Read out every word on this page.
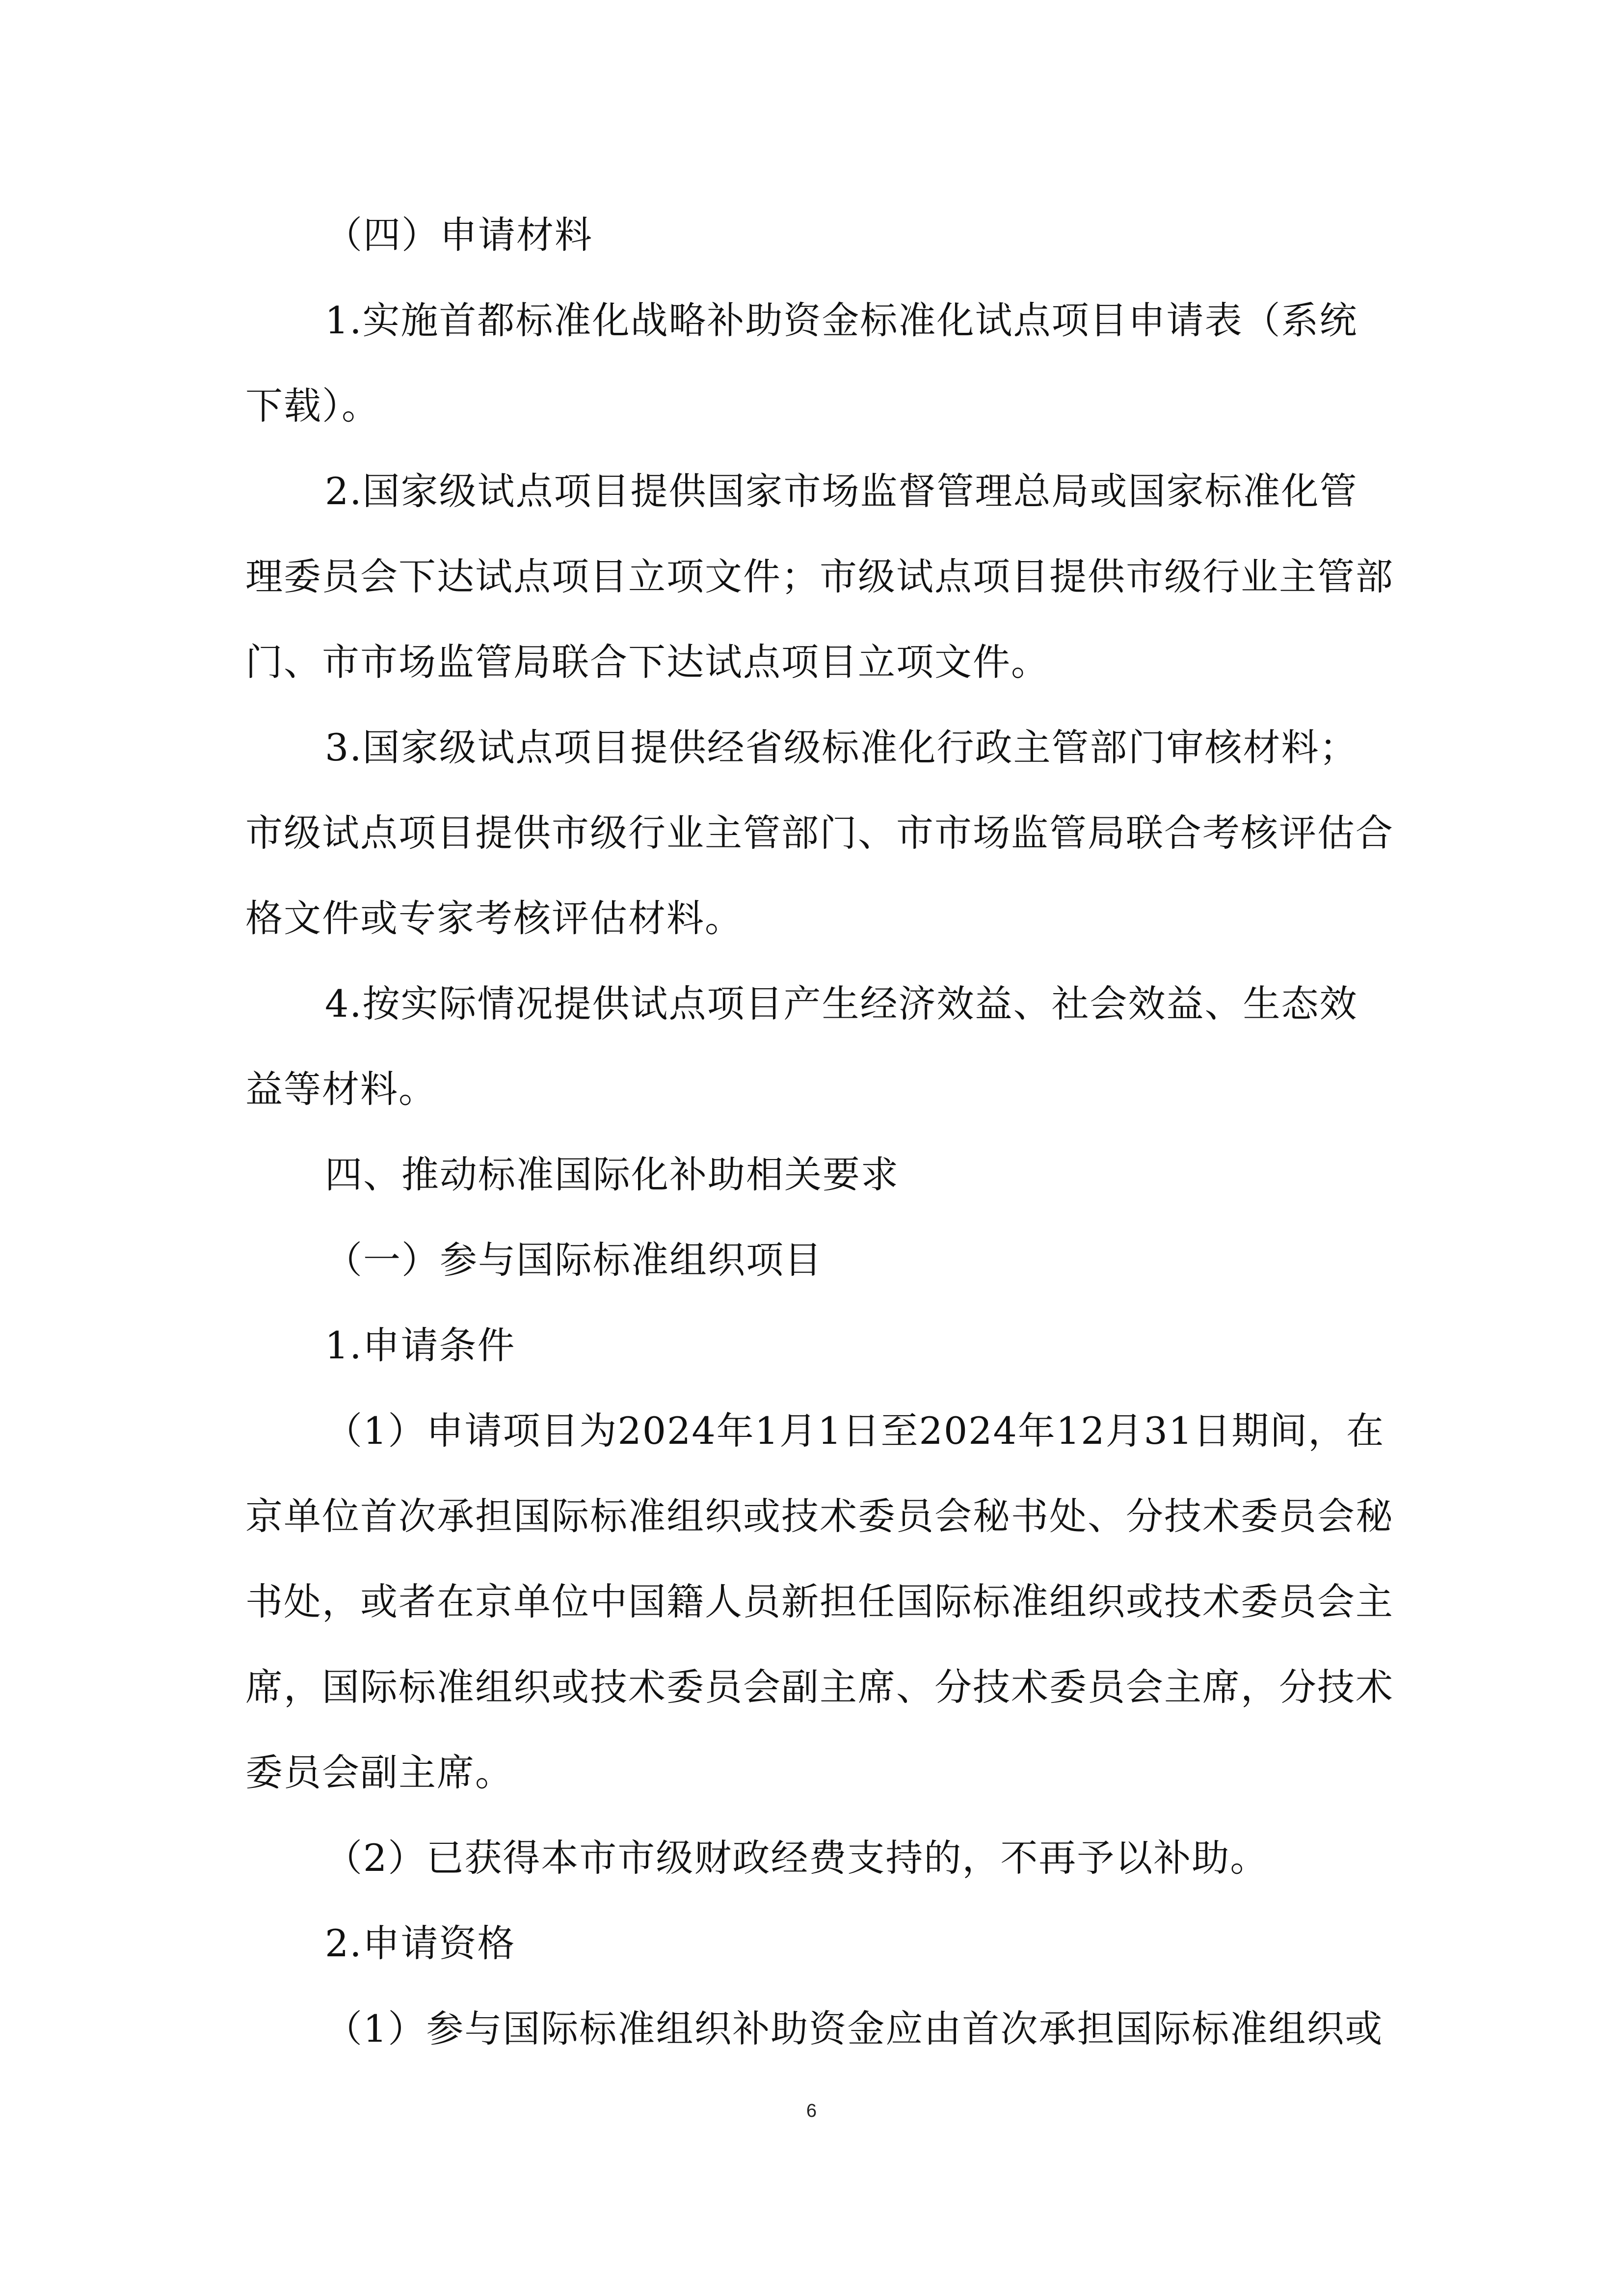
（四）申请材料

1.实施首都标准化战略补助资金标准化试点项目申请表（系统下载）。

2.国家级试点项目提供国家市场监督管理总局或国家标准化管理委员会下达试点项目立项文件；市级试点项目提供市级行业主管部门、市市场监管局联合下达试点项目立项文件。

3.国家级试点项目提供经省级标准化行政主管部门审核材料；市级试点项目提供市级行业主管部门、市市场监管局联合考核评估合格文件或专家考核评估材料。

4.按实际情况提供试点项目产生经济效益、社会效益、生态效益等材料。

四、推动标准国际化补助相关要求

（一）参与国际标准组织项目

1.申请条件

（1）申请项目为2024年1月1日至2024年12月31日期间，在京单位首次承担国际标准组织或技术委员会秘书处、分技术委员会秘书处，或者在京单位中国籍人员新担任国际标准组织或技术委员会主席，国际标准组织或技术委员会副主席、分技术委员会主席，分技术委员会副主席。

（2）已获得本市市级财政经费支持的，不再予以补助。

2.申请资格

（1）参与国际标准组织补助资金应由首次承担国际标准组织或

6
